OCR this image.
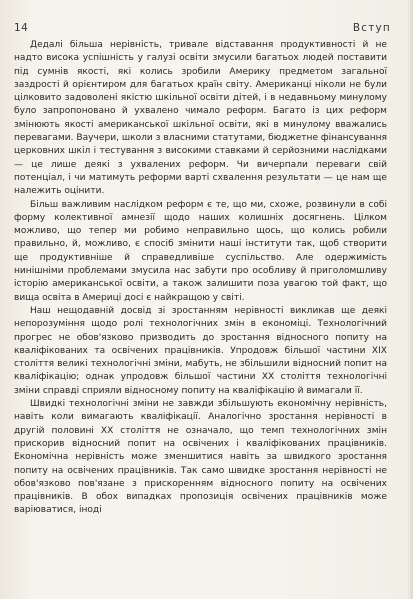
14	Вступ

Дедалі більша нерівність, тривале відставання продуктивності й не надто висока успішність у галузі освіти змусили багатьох людей поставити під сумнів якості, які колись зробили Америку предметом загальної заздрості й орієнтиром для багатьох країн світу. Американці ніколи не були цілковито задоволені якістю шкільної освіти дітей, і в недавньому минулому було запропоновано й ухвалено чимало реформ. Багато із цих реформ змінюють якості американської шкільної освіти, які в минулому вважались перевагами. Ваучери, школи з власними статутами, бюджетне фінансування церковних шкіл і тестування з високими ставками й серйозними наслідками — це лише деякі з ухвалених реформ. Чи вичерпали переваги свій потенціал, і чи матимуть реформи варті схвалення результати — це нам ще належить оцінити.

Більш важливим наслідком реформ є те, що ми, схоже, розвинули в собі форму колективної амнезії щодо наших колишніх досягнень. Цілком можливо, що тепер ми робимо неправильно щось, що колись робили правильно, й, можливо, є спосіб змінити наші інститути так, щоб створити ще продуктивніше й справедливіше суспільство. Але одержимість нинішніми проблемами змусила нас забути про особливу й приголомшливу історію американської освіти, а також залишити поза увагою той факт, що вища освіта в Америці досі є найкращою у світі.

Наш нещодавній досвід зі зростанням нерівності викликав ще деякі непорозуміння щодо ролі технологічних змін в економіці. Технологічний прогрес не обов'язково призводить до зростання відносного попиту на кваліфікованих та освічених працівників. Упродовж більшої частини XIX століття великі технологічні зміни, мабуть, не збільшили відносний попит на кваліфікацію; однак упродовж більшої частини XX століття технологічні зміни справді сприяли відносному попиту на кваліфікацію й вимагали її.

Швидкі технологічні зміни не завжди збільшують економічну нерівність, навіть коли вимагають кваліфікації. Аналогічно зростання нерівності в другій половині XX століття не означало, що темп технологічних змін прискорив відносний попит на освічених і кваліфікованих працівників. Економічна нерівність може зменшитися навіть за швидкого зростання попиту на освічених працівників. Так само швидке зростання нерівності не обов'язково пов'язане з прискоренням відносного попиту на освічених працівників. В обох випадках пропозиція освічених працівників може варіюватися, іноді
